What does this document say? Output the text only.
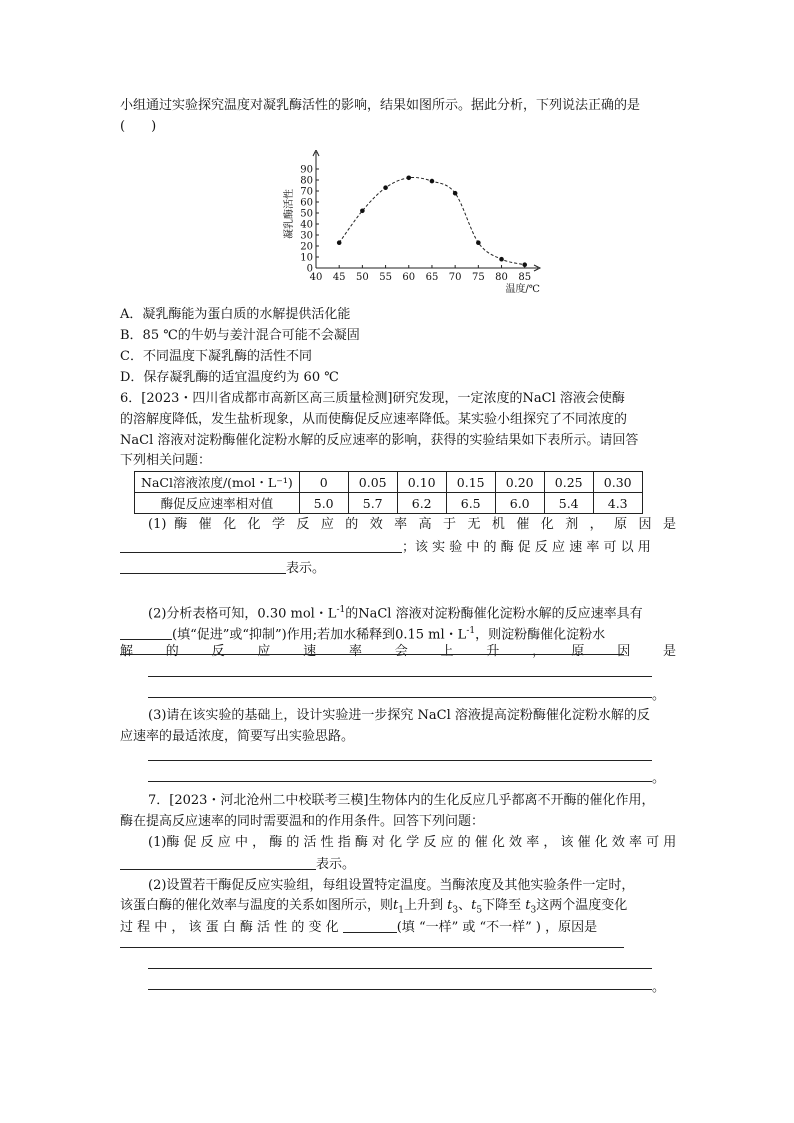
小组通过实验探究温度对凝乳酶活性的影响，结果如图所示。据此分析，下列说法正确的是
(　　)
40 45 50 55 60 65 70 75 80 85
0
10
20
30
40
50
60
70
80
90
温度/℃
凝乳酶活性
A．凝乳酶能为蛋白质的水解提供活化能
B．85 ℃的牛奶与姜汁混合可能不会凝固
C．不同温度下凝乳酶的活性不同
D．保存凝乳酶的适宜温度约为 60 ℃
6．[2023・四川省成都市高新区高三质量检测]研究发现，一定浓度的NaCl 溶液会使酶
的溶解度降低，发生盐析现象，从而使酶促反应速率降低。某实验小组探究了不同浓度的
NaCl 溶液对淀粉酶催化淀粉水解的反应速率的影响，获得的实验结果如下表所示。请回答
下列相关问题：
NaCl溶液浓度/(mol・L⁻¹)	0	0.05	0.10	0.15	0.20	0.25	0.30
酶促反应速率相对值	5.0	5.7	6.2	6.5	6.0	5.4	4.3
(1) 酶 催 化 化 学 反 应 的 效 率 高 于 无 机 催 化 剂 ， 原 因 是
；该 实 验 中 的 酶 促 反 应 速 率 可 以 用
表示。
(2)分析表格可知，0.30 mol・$L^{-1}$的NaCl 溶液对淀粉酶催化淀粉水解的反应速率具有
(填“促进”或“抑制”)作用;若加水稀释到0.15 ml・$L^{-1}$，则淀粉酶催化淀粉水
解　的　反　应　速　率　会　上　升　，　原　因　是
。
(3)请在该实验的基础上，设计实验进一步探究 NaCl 溶液提高淀粉酶催化淀粉水解的反
应速率的最适浓度，简要写出实验思路。
。
7．[2023・河北沧州二中校联考三模]生物体内的生化反应几乎都离不开酶的催化作用，
酶在提高反应速率的同时需要温和的作用条件。回答下列问题：
(1)酶 促 反 应 中 ， 酶 的 活 性 指 酶 对 化 学 反 应 的 催 化 效 率 ， 该 催 化 效 率 可 用
表示。
(2)设置若干酶促反应实验组，每组设置特定温度。当酶浓度及其他实验条件一定时，
该蛋白酶的催化效率与温度的关系如图所示，则$t_1$上升到 $t_3$、$t_5$下降至 $t_3$这两个温度变化
过 程 中 ， 该 蛋 白 酶 活 性 的 变 化	(填 “一样” 或 “不一样” ) ，原因是
。
